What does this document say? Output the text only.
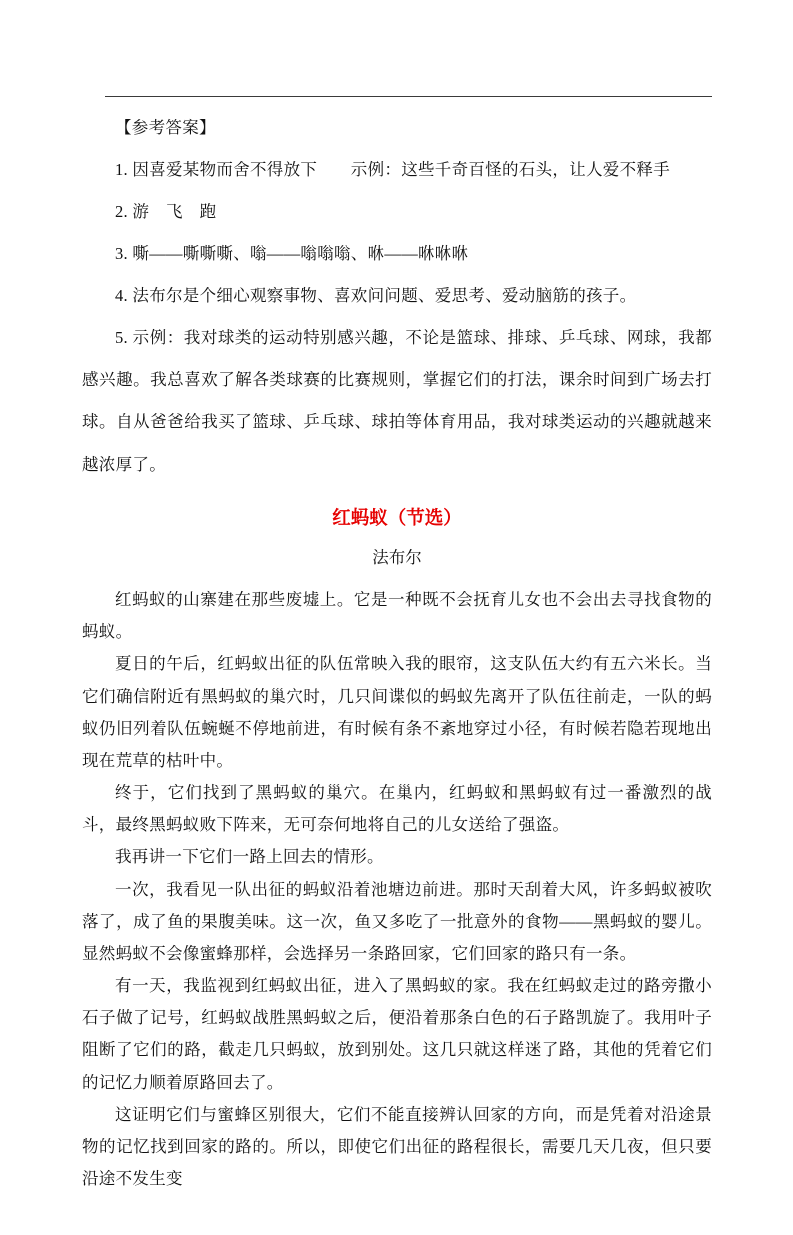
【参考答案】

1. 因喜爱某物而舍不得放下　　示例：这些千奇百怪的石头，让人爱不释手

2. 游　飞　跑

3. 嘶——嘶嘶嘶、嗡——嗡嗡嗡、咻——咻咻咻

4. 法布尔是个细心观察事物、喜欢问问题、爱思考、爱动脑筋的孩子。

5. 示例：我对球类的运动特别感兴趣，不论是篮球、排球、乒乓球、网球，我都感兴趣。我总喜欢了解各类球赛的比赛规则，掌握它们的打法，课余时间到广场去打球。自从爸爸给我买了篮球、乒乓球、球拍等体育用品，我对球类运动的兴趣就越来越浓厚了。

红蚂蚁（节选）

法布尔

红蚂蚁的山寨建在那些废墟上。它是一种既不会抚育儿女也不会出去寻找食物的蚂蚁。

夏日的午后，红蚂蚁出征的队伍常映入我的眼帘，这支队伍大约有五六米长。当它们确信附近有黑蚂蚁的巢穴时，几只间谍似的蚂蚁先离开了队伍往前走，一队的蚂蚁仍旧列着队伍蜿蜒不停地前进，有时候有条不紊地穿过小径，有时候若隐若现地出现在荒草的枯叶中。

终于，它们找到了黑蚂蚁的巢穴。在巢内，红蚂蚁和黑蚂蚁有过一番激烈的战斗，最终黑蚂蚁败下阵来，无可奈何地将自己的儿女送给了强盗。

我再讲一下它们一路上回去的情形。

一次，我看见一队出征的蚂蚁沿着池塘边前进。那时天刮着大风，许多蚂蚁被吹落了，成了鱼的果腹美味。这一次，鱼又多吃了一批意外的食物——黑蚂蚁的婴儿。显然蚂蚁不会像蜜蜂那样，会选择另一条路回家，它们回家的路只有一条。

有一天，我监视到红蚂蚁出征，进入了黑蚂蚁的家。我在红蚂蚁走过的路旁撒小石子做了记号，红蚂蚁战胜黑蚂蚁之后，便沿着那条白色的石子路凯旋了。我用叶子阻断了它们的路，截走几只蚂蚁，放到别处。这几只就这样迷了路，其他的凭着它们的记忆力顺着原路回去了。

这证明它们与蜜蜂区别很大，它们不能直接辨认回家的方向，而是凭着对沿途景物的记忆找到回家的路的。所以，即使它们出征的路程很长，需要几天几夜，但只要沿途不发生变
